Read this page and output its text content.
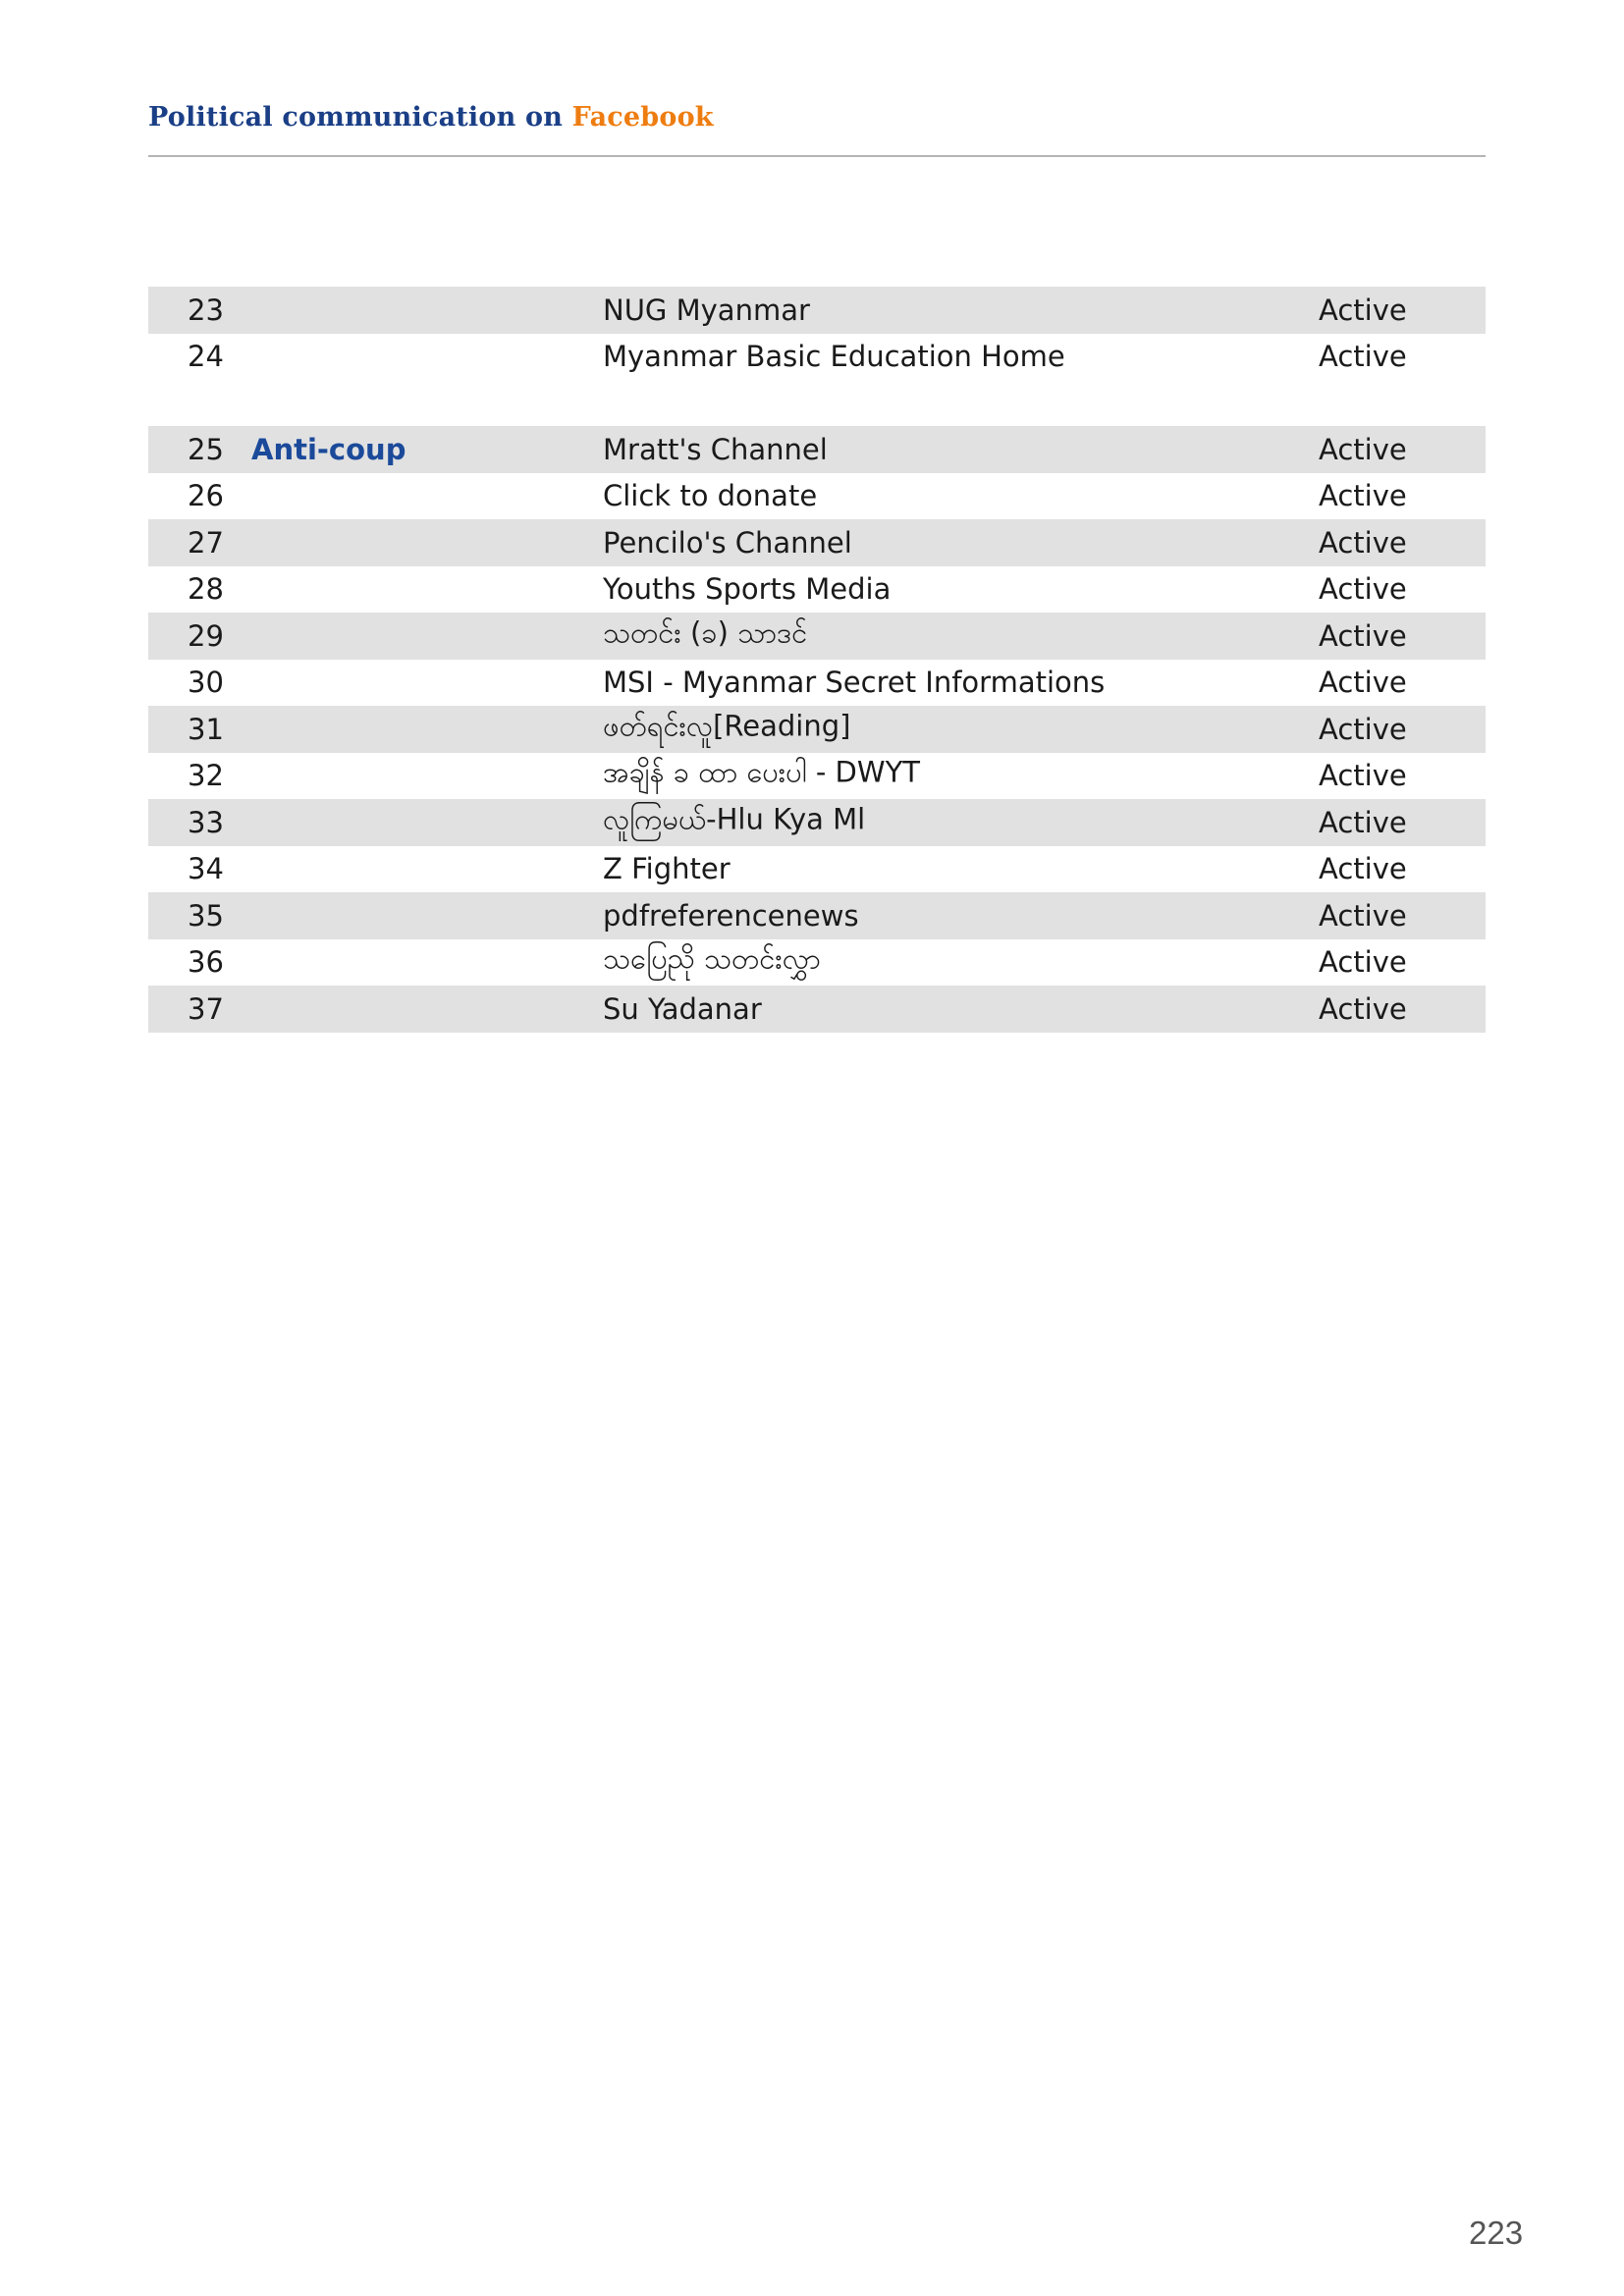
Political communication on Facebook
23	NUG Myanmar	Active
24	Myanmar Basic Education Home	Active
25 Anti-coup	Mratt's Channel	Active
26	Click to donate	Active
27	Pencilo's Channel	Active
28	Youths Sports Media	Active
29	သတင်း (ခ) သာဒင်	Active
30	MSI - Myanmar Secret Informations	Active
31	ဖတ်ရင်းလူ[Reading]	Active
32	အချိန် ခ ထာ ပေးပါ - DWYT	Active
33	လူကြမယ်-Hlu Kya Ml	Active
34	Z Fighter	Active
35	pdfreferencenews	Active
36	သပြေညို သတင်းလွှာ	Active
37	Su Yadanar	Active
223
